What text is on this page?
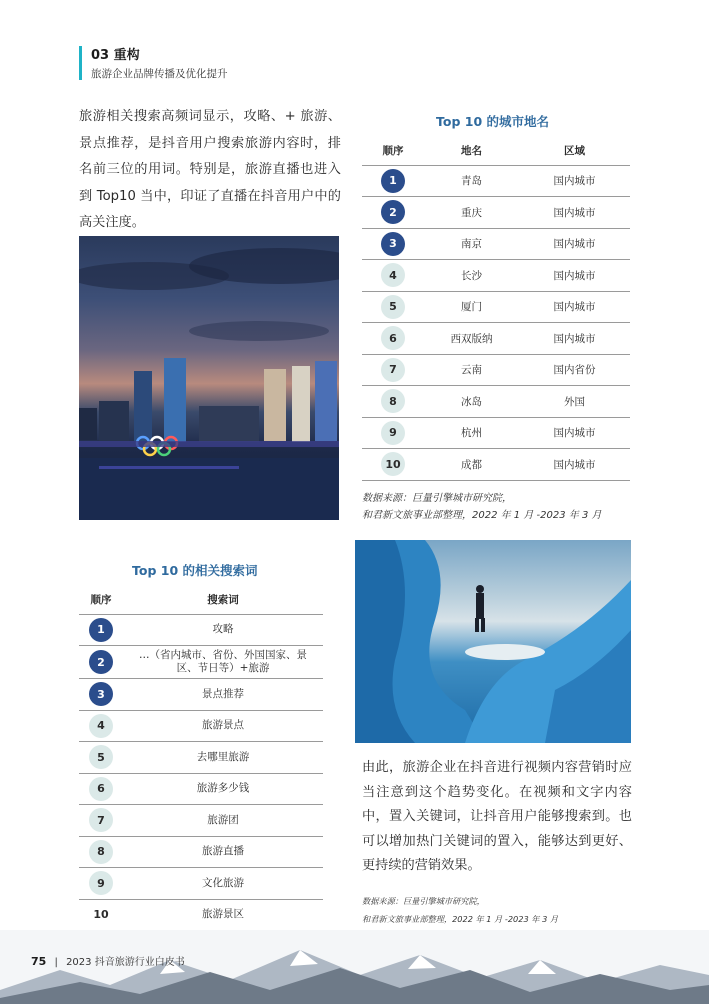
03 重构
旅游企业品牌传播及优化提升
旅游相关搜索高频词显示，攻略、+ 旅游、景点推荐，是抖音用户搜索旅游内容时，排名前三位的用词。特别是，旅游直播也进入到 Top10 当中，印证了直播在抖音用户中的高关注度。
Top 10 的城市地名
顺序	地名	区域
1	青岛	国内城市
2	重庆	国内城市
3	南京	国内城市
4	长沙	国内城市
5	厦门	国内城市
6	西双版纳	国内城市
7	云南	国内省份
8	冰岛	外国
9	杭州	国内城市
10	成都	国内城市
数据来源：巨量引擎城市研究院，
和君新文旅事业部整理，2022 年 1 月 -2023 年 3 月
Top 10 的相关搜索词
顺序	搜索词
1	攻略
2	…（省内城市、省份、外国国家、景区、节日等）+旅游
3	景点推荐
4	旅游景点
5	去哪里旅游
6	旅游多少钱
7	旅游团
8	旅游直播
9	文化旅游
10	旅游景区
由此，旅游企业在抖音进行视频内容营销时应当注意到这个趋势变化。在视频和文字内容中，置入关键词，让抖音用户能够搜索到。也可以增加热门关键词的置入，能够达到更好、更持续的营销效果。
数据来源：巨量引擎城市研究院，
和君新文旅事业部整理，2022 年 1 月 -2023 年 3 月
75 | 2023 抖音旅游行业白皮书
